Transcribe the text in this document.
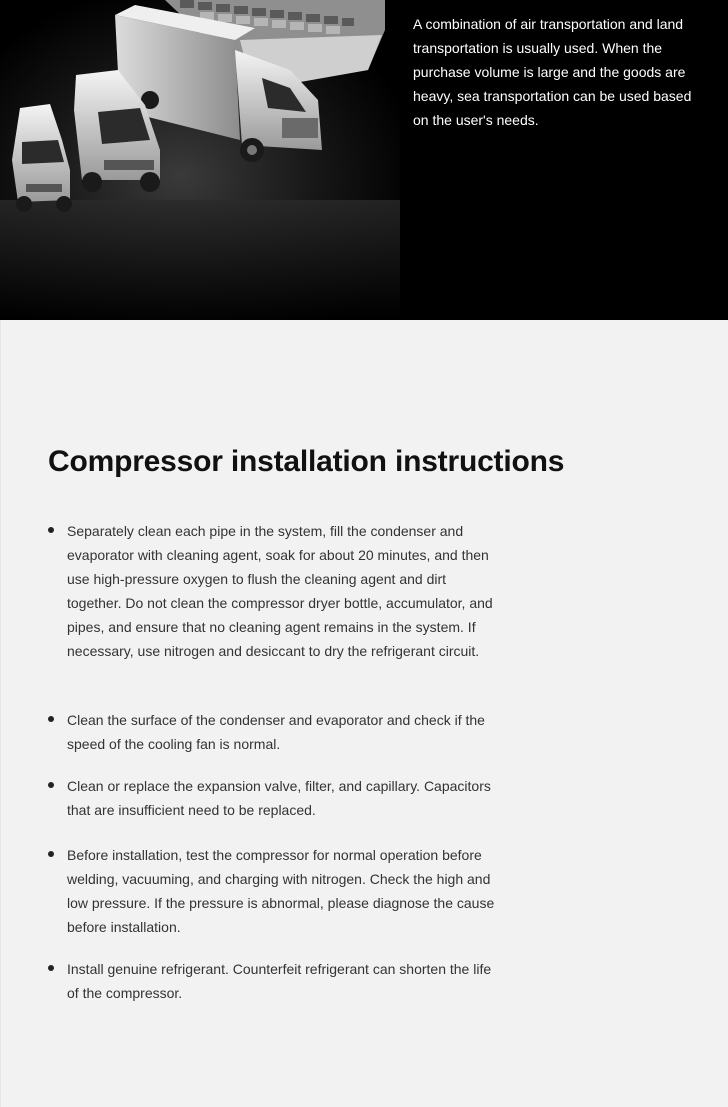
A combination of air transportation and land transportation is usually used. When the purchase volume is large and the goods are heavy, sea transportation can be used based on the user's needs.

Compressor installation instructions
Separately clean each pipe in the system, fill the condenser and evaporator with cleaning agent, soak for about 20 minutes, and then use high-pressure oxygen to flush the cleaning agent and dirt together. Do not clean the compressor dryer bottle, accumulator, and pipes, and ensure that no cleaning agent remains in the system. If necessary, use nitrogen and desiccant to dry the refrigerant circuit.
Clean the surface of the condenser and evaporator and check if the speed of the cooling fan is normal.
Clean or replace the expansion valve, filter, and capillary. Capacitors that are insufficient need to be replaced.
Before installation, test the compressor for normal operation before welding, vacuuming, and charging with nitrogen. Check the high and low pressure. If the pressure is abnormal, please diagnose the cause before installation.
Install genuine refrigerant. Counterfeit refrigerant can shorten the life of the compressor.
